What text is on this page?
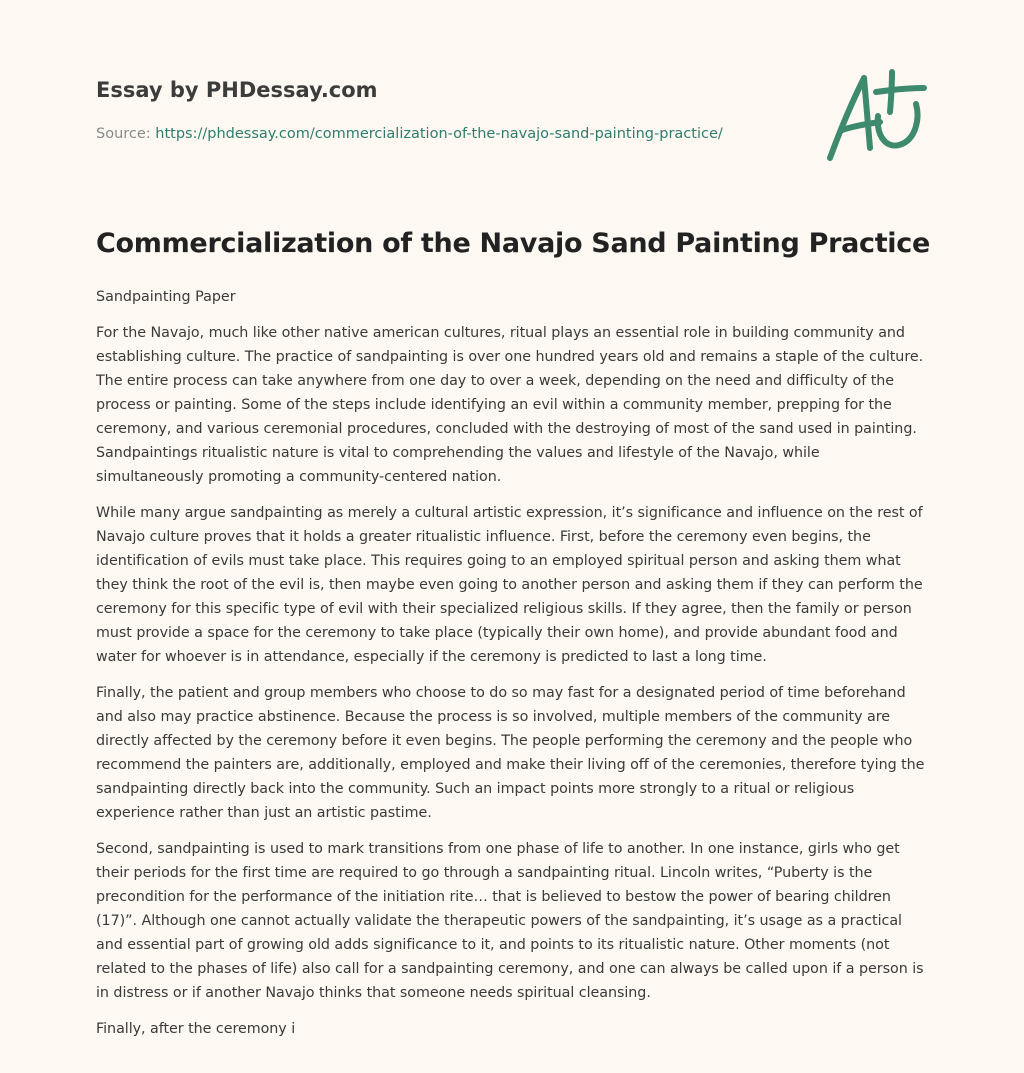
Essay by PHDessay.com
Source: https://phdessay.com/commercialization-of-the-navajo-sand-painting-practice/
Commercialization of the Navajo Sand Painting Practice

Sandpainting Paper

For the Navajo, much like other native american cultures, ritual plays an essential role in building community and establishing culture. The practice of sandpainting is over one hundred years old and remains a staple of the culture. The entire process can take anywhere from one day to over a week, depending on the need and difficulty of the process or painting. Some of the steps include identifying an evil within a community member, prepping for the ceremony, and various ceremonial procedures, concluded with the destroying of most of the sand used in painting. Sandpaintings ritualistic nature is vital to comprehending the values and lifestyle of the Navajo, while simultaneously promoting a community-centered nation.

While many argue sandpainting as merely a cultural artistic expression, it’s significance and influence on the rest of Navajo culture proves that it holds a greater ritualistic influence. First, before the ceremony even begins, the identification of evils must take place. This requires going to an employed spiritual person and asking them what they think the root of the evil is, then maybe even going to another person and asking them if they can perform the ceremony for this specific type of evil with their specialized religious skills. If they agree, then the family or person must provide a space for the ceremony to take place (typically their own home), and provide abundant food and water for whoever is in attendance, especially if the ceremony is predicted to last a long time.

Finally, the patient and group members who choose to do so may fast for a designated period of time beforehand and also may practice abstinence. Because the process is so involved, multiple members of the community are directly affected by the ceremony before it even begins. The people performing the ceremony and the people who recommend the painters are, additionally, employed and make their living off of the ceremonies, therefore tying the sandpainting directly back into the community. Such an impact points more strongly to a ritual or religious experience rather than just an artistic pastime.

Second, sandpainting is used to mark transitions from one phase of life to another. In one instance, girls who get their periods for the first time are required to go through a sandpainting ritual. Lincoln writes, “Puberty is the precondition for the performance of the initiation rite… that is believed to bestow the power of bearing children (17)”. Although one cannot actually validate the therapeutic powers of the sandpainting, it’s usage as a practical and essential part of growing old adds significance to it, and points to its ritualistic nature. Other moments (not related to the phases of life) also call for a sandpainting ceremony, and one can always be called upon if a person is in distress or if another Navajo thinks that someone needs spiritual cleansing.

Finally, after the ceremony i
